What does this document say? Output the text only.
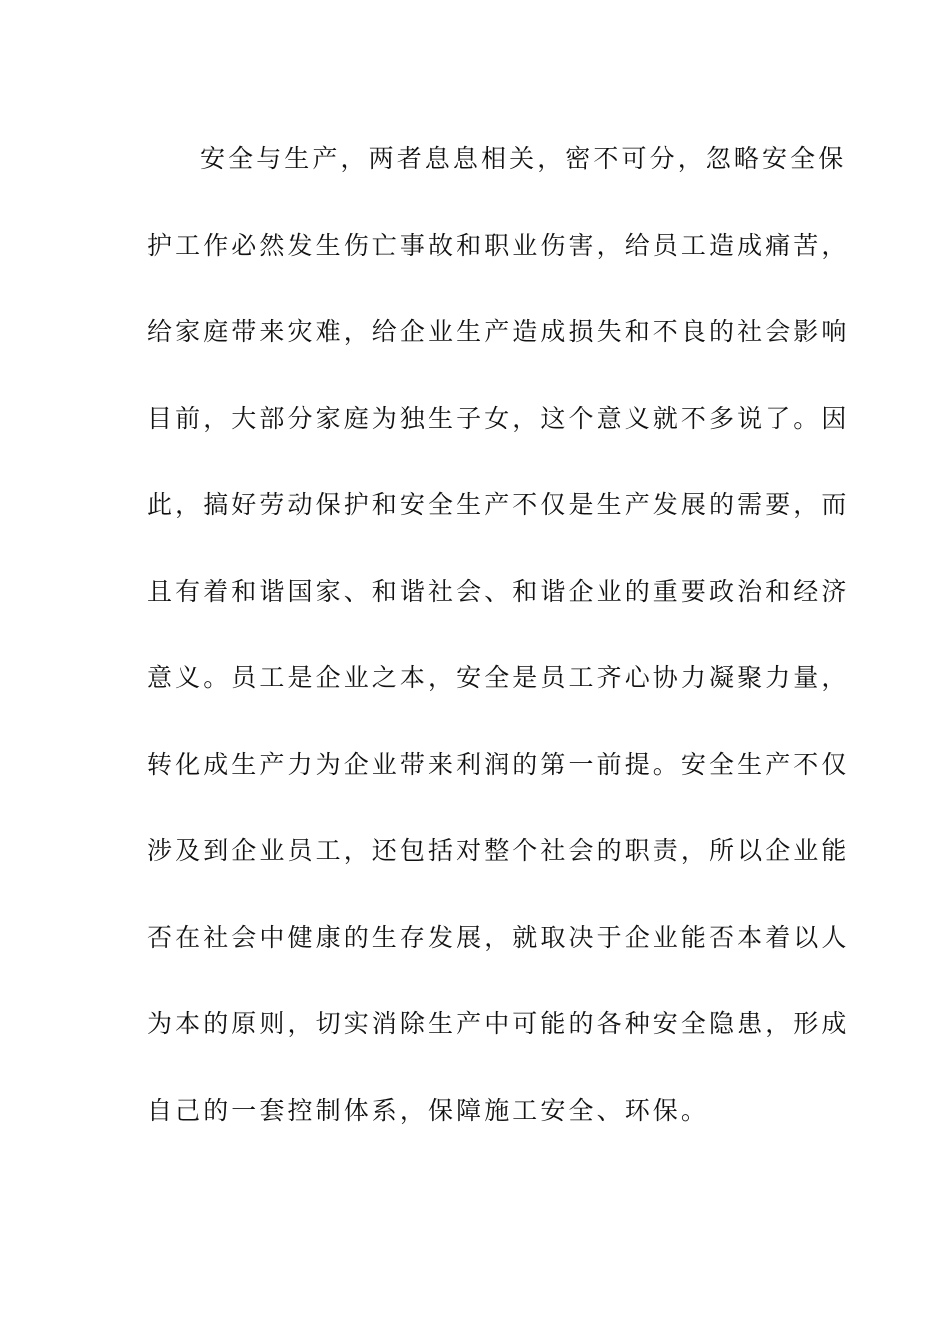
安全与生产，两者息息相关，密不可分，忽略安全保
护工作必然发生伤亡事故和职业伤害，给员工造成痛苦，
给家庭带来灾难，给企业生产造成损失和不良的社会影响
目前，大部分家庭为独生子女，这个意义就不多说了。因
此，搞好劳动保护和安全生产不仅是生产发展的需要，而
且有着和谐国家、和谐社会、和谐企业的重要政治和经济
意义。员工是企业之本，安全是员工齐心协力凝聚力量，
转化成生产力为企业带来利润的第一前提。安全生产不仅
涉及到企业员工，还包括对整个社会的职责，所以企业能
否在社会中健康的生存发展，就取决于企业能否本着以人
为本的原则，切实消除生产中可能的各种安全隐患，形成
自己的一套控制体系，保障施工安全、环保。
